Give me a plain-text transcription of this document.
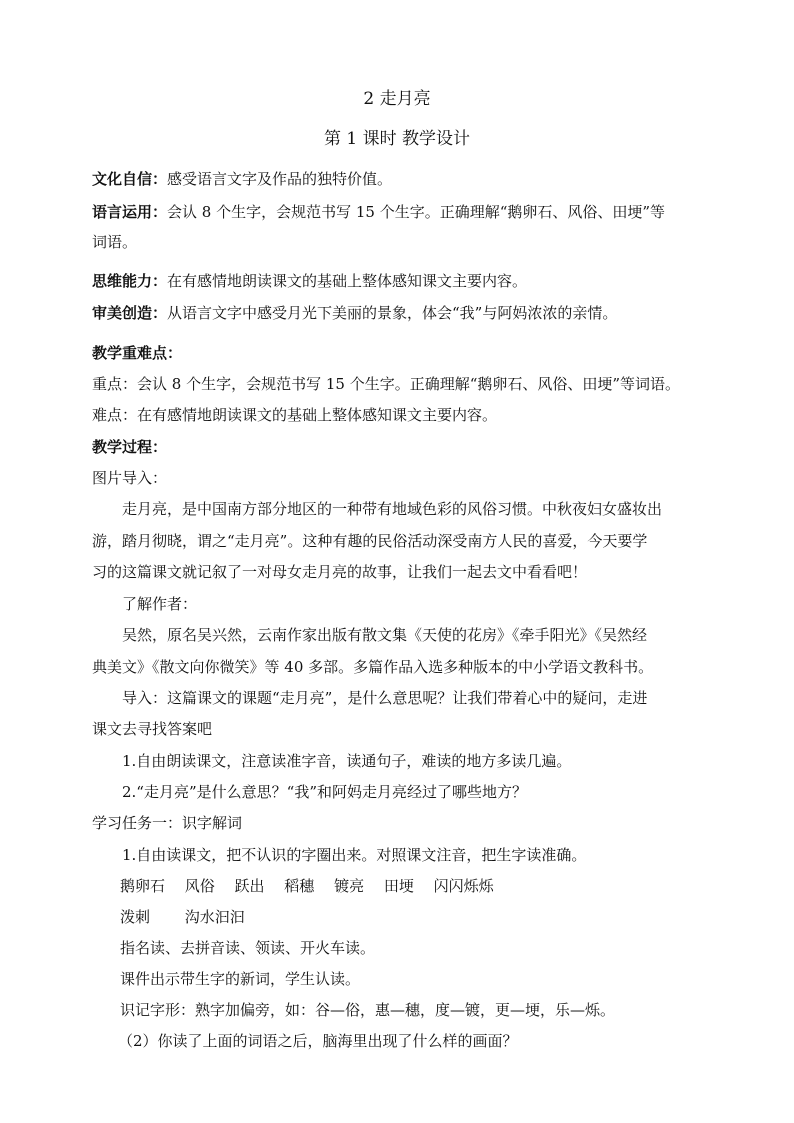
2 走月亮
第 1 课时 教学设计
文化自信：感受语言文字及作品的独特价值。
语言运用：会认 8 个生字，会规范书写 15 个生字。正确理解“鹅卵石、风俗、田埂”等
词语。
思维能力：在有感情地朗读课文的基础上整体感知课文主要内容。
审美创造：从语言文字中感受月光下美丽的景象，体会“我”与阿妈浓浓的亲情。
教学重难点：
重点：会认 8 个生字，会规范书写 15 个生字。正确理解“鹅卵石、风俗、田埂”等词语。
难点：在有感情地朗读课文的基础上整体感知课文主要内容。
教学过程：
图片导入：
走月亮，是中国南方部分地区的一种带有地域色彩的风俗习惯。中秋夜妇女盛妆出
游，踏月彻晓，谓之“走月亮”。这种有趣的民俗活动深受南方人民的喜爱，今天要学
习的这篇课文就记叙了一对母女走月亮的故事，让我们一起去文中看看吧！
了解作者：
吴然，原名吴兴然，云南作家出版有散文集《天使的花房》《牵手阳光》《吴然经
典美文》《散文向你微笑》等 40 多部。多篇作品入选多种版本的中小学语文教科书。
导入：这篇课文的课题“走月亮”，是什么意思呢？让我们带着心中的疑问，走进
课文去寻找答案吧
1.自由朗读课文，注意读准字音，读通句子，难读的地方多读几遍。
2.“走月亮”是什么意思？“我”和阿妈走月亮经过了哪些地方？
学习任务一：识字解词
1.自由读课文，把不认识的字圈出来。对照课文注音，把生字读准确。
鹅卵石　 风俗　 跃出　 稻穗　 镀亮　 田埂　 闪闪烁烁
泼刺　　 沟水汩汩
指名读、去拼音读、领读、开火车读。
课件出示带生字的新词，学生认读。
识记字形：熟字加偏旁，如：谷—俗，惠—穗，度—镀，更—埂，乐—烁。
（2）你读了上面的词语之后，脑海里出现了什么样的画面？
